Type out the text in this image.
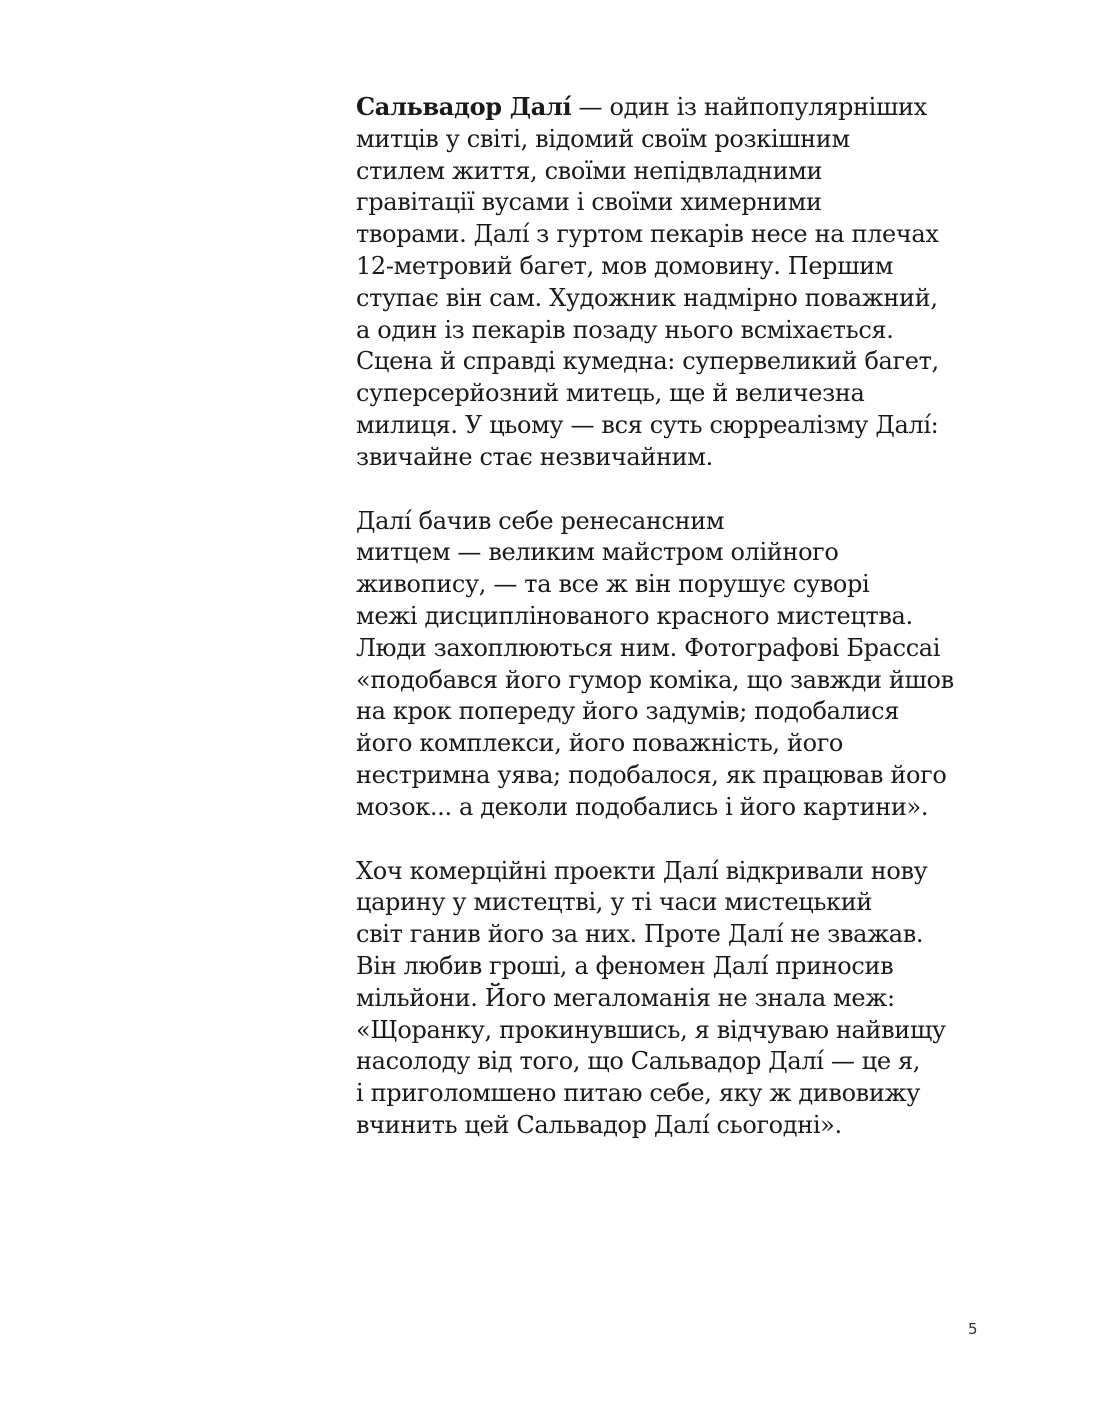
Сальвадор Далí — один із найпопулярніших
митців у світі, відомий своїм розкішним
стилем життя, своїми непідвладними
гравітації вусами і своїми химерними
творами. Далí з гуртом пекарів несе на плечах
12-метровий багет, мов домовину. Першим
ступає він сам. Художник надмірно поважний,
а один із пекарів позаду нього всміхається.
Сцена й справді кумедна: супервеликий багет,
суперсерйозний митець, ще й величезна
милиця. У цьому — вся суть сюрреалізму Далí:
звичайне стає незвичайним.

Далí бачив себе ренесансним
митцем — великим майстром олійного
живопису, — та все ж він порушує суворі
межі дисциплінованого красного мистецтва.
Люди захоплюються ним. Фотографові Брассаі
«подобався його гумор коміка, що завжди йшов
на крок попереду його задумів; подобалися
його комплекси, його поважність, його
нестримна уява; подобалося, як працював його
мозок... а деколи подобались і його картини».

Хоч комерційні проекти Далí відкривали нову
царину у мистецтві, у ті часи мистецький
світ ганив його за них. Проте Далí не зважав.
Він любив гроші, а феномен Далí приносив
мільйони. Його мегаломанія не знала меж:
«Щоранку, прокинувшись, я відчуваю найвищу
насолоду від того, що Сальвадор Далí — це я,
і приголомшено питаю себе, яку ж дивовижу
вчинить цей Сальвадор Далí сьогодні».

5
